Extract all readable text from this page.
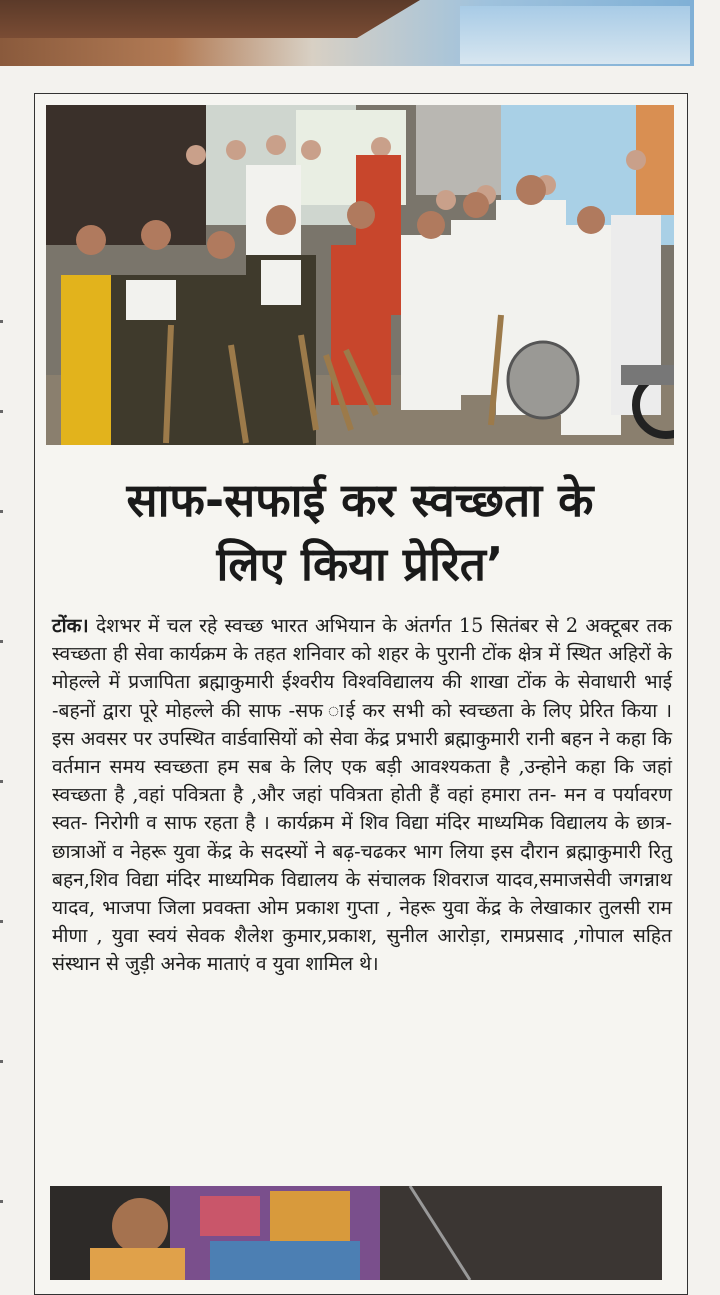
साफ-सफाई कर स्वच्छता के
लिए किया प्रेरित’

टोंक। देशभर में चल रहे स्वच्छ भारत अभियान के अंतर्गत 15 सितंबर से 2 अक्टूबर तक स्वच्छता ही सेवा कार्यक्रम के तहत शनिवार को शहर के पुरानी टोंक क्षेत्र में स्थित अहिरों के मोहल्ले में प्रजापिता ब्रह्माकुमारी ईश्वरीय विश्वविद्यालय की शाखा टोंक के सेवाधारी भाई -बहनों द्वारा पूरे मोहल्ले की साफ -सफ ाई कर सभी को स्वच्छता के लिए प्रेरित किया । इस अवसर पर उपस्थित वार्डवासियों को सेवा केंद्र प्रभारी ब्रह्माकुमारी रानी बहन ने कहा कि वर्तमान समय स्वच्छता हम सब के लिए एक बड़ी आवश्यकता है ,उन्होने कहा कि जहां स्वच्छता है ,वहां पवित्रता है ,और जहां पवित्रता होती हैं वहां हमारा तन- मन व पर्यावरण स्वत- निरोगी व साफ रहता है । कार्यक्रम में शिव विद्या मंदिर माध्यमिक विद्यालय के छात्र-छात्राओं व नेहरू युवा केंद्र के सदस्यों ने बढ़-चढकर भाग लिया इस दौरान ब्रह्माकुमारी रितु बहन,शिव विद्या मंदिर माध्यमिक विद्यालय के संचालक शिवराज यादव,समाजसेवी जगन्नाथ यादव, भाजपा जिला प्रवक्ता ओम प्रकाश गुप्ता , नेहरू युवा केंद्र के लेखाकार तुलसी राम मीणा , युवा स्वयं सेवक शैलेश कुमार,प्रकाश, सुनील आरोड़ा, रामप्रसाद ,गोपाल सहित संस्थान से जुड़ी अनेक माताएं व युवा शामिल थे।
